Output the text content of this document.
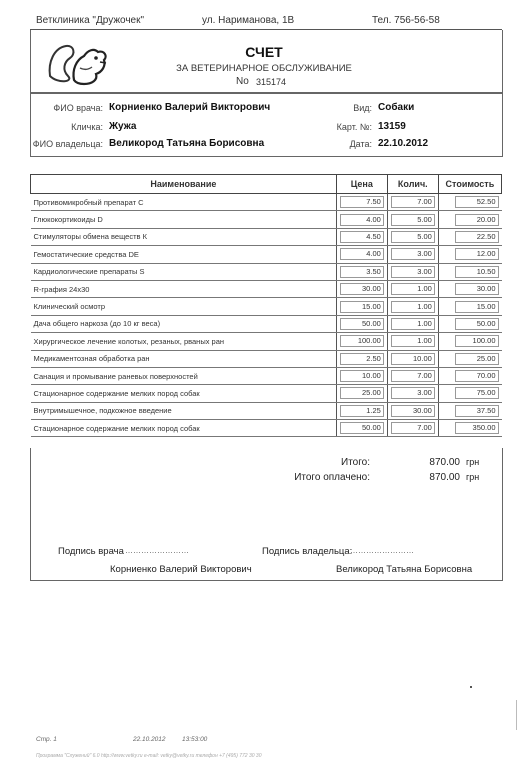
Ветклиника "Дружочек"	ул. Нариманова, 1В	Тел. 756-56-58
СЧЕТ
ЗА ВЕТЕРИНАРНОЕ ОБСЛУЖИВАНИЕ
No 315174
ФИО врача: Корниенко Валерий Викторович
Кличка: Жужа
ФИО владельца: Великород Татьяна Борисовна
Вид: Собаки
Карт. №: 13159
Дата: 22.10.2012
Наименование	Цена	Колич.	Стоимость
Противомикробный препарат С	7.50	7.00	52.50
Глюкокортикоиды D	4.00	5.00	20.00
Стимуляторы обмена веществ К	4.50	5.00	22.50
Гемостатические средства DE	4.00	3.00	12.00
Кардиологические препараты S	3.50	3.00	10.50
R-графия 24х30	30.00	1.00	30.00
Клинический осмотр	15.00	1.00	15.00
Дача общего наркоза (до 10 кг веса)	50.00	1.00	50.00
Хирургическое лечение колотых, резаных, рваных ран	100.00	1.00	100.00
Медикаментозная обработка ран	2.50	10.00	25.00
Санация и промывание раневых поверхностей	10.00	7.00	70.00
Стационарное содержание мелких пород собак	25.00	3.00	75.00
Внутримышечное, подкожное введение	1.25	30.00	37.50
Стационарное содержание мелких пород собак	50.00	7.00	350.00
Итого:	870.00 грн
Итого оплачено:	870.00 грн
Подпись врача ……………………	Подпись владельца:
……………………
Корниенко Валерий Викторович	Великород Татьяна Борисовна
Стр. 1	22.10.2012	13:53:00
Программа "Служений" 6.0 http://www.vetky.ru e-mail: vetky@vetky.ru телефон +7 (495) 772 30 30
